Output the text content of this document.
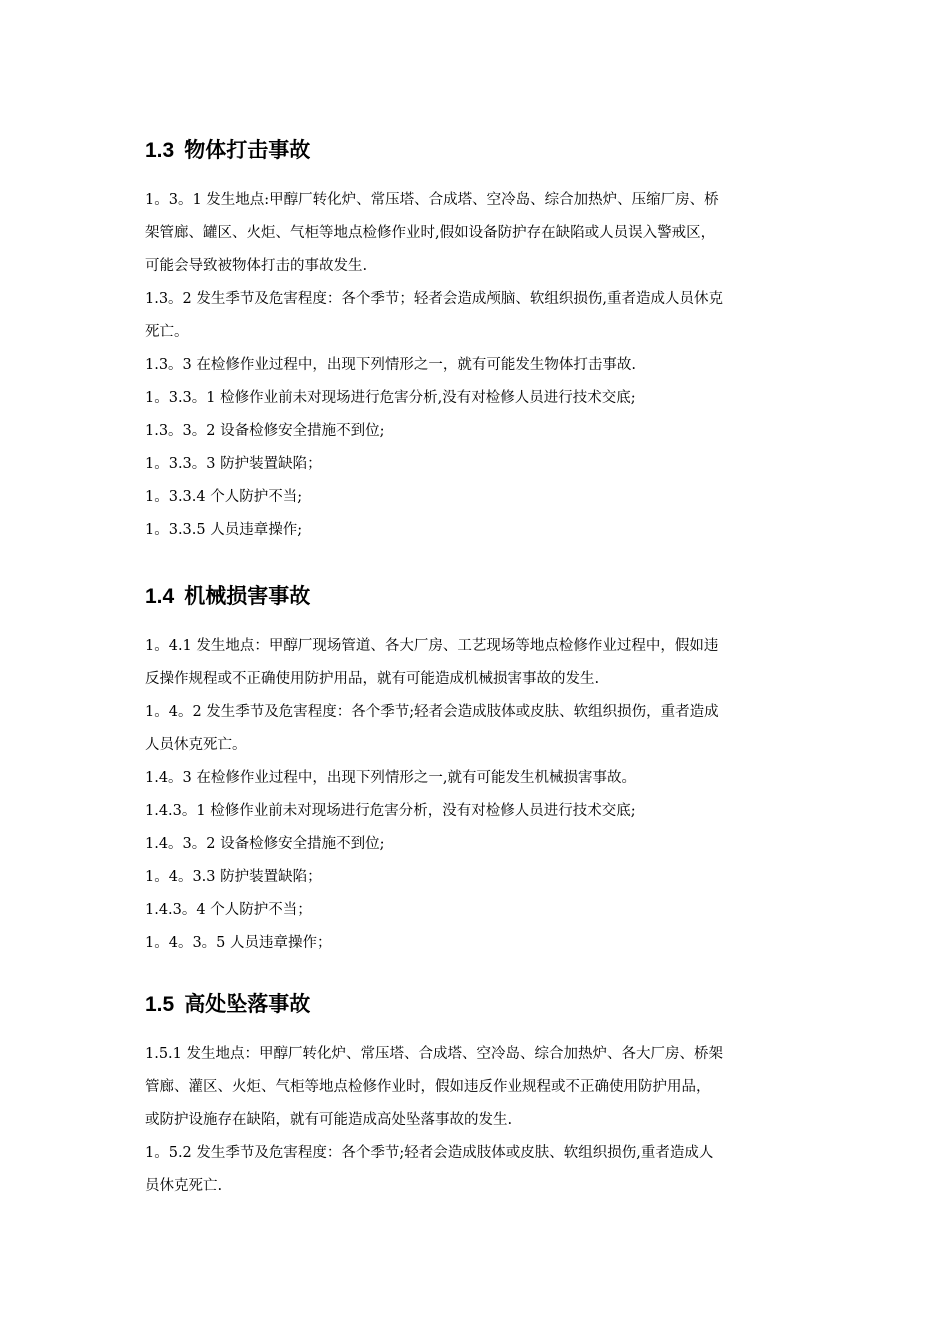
1.3 物体打击事故

1。3。1 发生地点:甲醇厂转化炉、常压塔、合成塔、空冷岛、综合加热炉、压缩厂房、桥

架管廊、罐区、火炬、气柜等地点检修作业时,假如设备防护存在缺陷或人员误入警戒区，

可能会导致被物体打击的事故发生.

1.3。2 发生季节及危害程度：各个季节；轻者会造成颅脑、软组织损伤,重者造成人员休克

死亡。

1.3。3 在检修作业过程中，出现下列情形之一，就有可能发生物体打击事故.

1。3.3。1 检修作业前未对现场进行危害分析,没有对检修人员进行技术交底;

1.3。3。2 设备检修安全措施不到位;

1。3.3。3 防护装置缺陷；

1。3.3.4 个人防护不当;

1。3.3.5 人员违章操作;

1.4 机械损害事故

1。4.1 发生地点：甲醇厂现场管道、各大厂房、工艺现场等地点检修作业过程中，假如违

反操作规程或不正确使用防护用品，就有可能造成机械损害事故的发生.

1。4。2 发生季节及危害程度：各个季节;轻者会造成肢体或皮肤、软组织损伤，重者造成

人员休克死亡。

1.4。3 在检修作业过程中，出现下列情形之一,就有可能发生机械损害事故。

1.4.3。1 检修作业前未对现场进行危害分析，没有对检修人员进行技术交底;

1.4。3。2 设备检修安全措施不到位;

1。4。3.3 防护装置缺陷；

1.4.3。4 个人防护不当；

1。4。3。5 人员违章操作；

1.5 高处坠落事故

1.5.1 发生地点：甲醇厂转化炉、常压塔、合成塔、空冷岛、综合加热炉、各大厂房、桥架

管廊、灌区、火炬、气柜等地点检修作业时，假如违反作业规程或不正确使用防护用品，

或防护设施存在缺陷，就有可能造成高处坠落事故的发生.

1。5.2 发生季节及危害程度：各个季节;轻者会造成肢体或皮肤、软组织损伤,重者造成人

员休克死亡.
